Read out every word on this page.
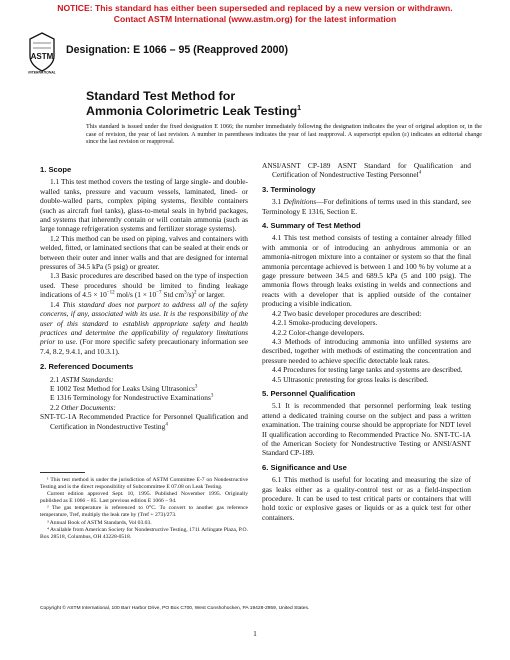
NOTICE: This standard has either been superseded and replaced by a new version or withdrawn.
Contact ASTM International (www.astm.org) for the latest information
ASTM
INTERNATIONAL
Designation: E 1066 – 95 (Reapproved 2000)
Standard Test Method for
Ammonia Colorimetric Leak Testing$^1$
This standard is issued under the fixed designation E 1066; the number immediately following the designation indicates the year of original adoption or, in the case of revision, the year of last revision. A number in parentheses indicates the year of last reapproval. A superscript epsilon (ε) indicates an editorial change since the last revision or reapproval.
1. Scope
1.1 This test method covers the testing of large single- and double-walled tanks, pressure and vacuum vessels, laminated, lined- or double-walled parts, complex piping systems, flexible containers (such as aircraft fuel tanks), glass-to-metal seals in hybrid packages, and systems that inherently contain or will contain ammonia (such as large tonnage refrigeration systems and fertilizer storage systems).
1.2 This method can be used on piping, valves and containers with welded, fitted, or laminated sections that can be sealed at their ends or between their outer and inner walls and that are designed for internal pressures of 34.5 kPa (5 psig) or greater.
1.3 Basic procedures are described based on the type of inspection used. These procedures should be limited to finding leakage indications of $4.5 \times 10^{-12}$ mol/s ($1 \times 10^{-7}$ Std $cm^3/s)^2$ or larger.
1.4 This standard does not purport to address all of the safety concerns, if any, associated with its use. It is the responsibility of the user of this standard to establish appropriate safety and health practices and determine the applicability of regulatory limitations prior to use. (For more specific safety precautionary information see 7.4, 8.2, 9.4.1, and 10.3.1).
2. Referenced Documents
2.1 ASTM Standards:
E 1002 Test Method for Leaks Using Ultrasonics$^3$
E 1316 Terminology for Nondestructive Examinations$^3$
2.2 Other Documents:
SNT-TC-1A Recommended Practice for Personnel Qualification and Certification in Nondestructive Testing$^4$
¹ This test method is under the jurisdiction of ASTM Committee E-7 on Nondestructive Testing and is the direct responsibility of Subcommittee E 07.08 on Leak Testing.
Current edition approved Sept. 10, 1995. Published November 1995. Originally published as E 1066 – 85. Last previous edition E 1066 – 94.
² The gas temperature is referenced to 0°C. To convert to another gas reference temperature, Tref, multiply the leak rate by (Tref + 273)/273.
³ Annual Book of ASTM Standards, Vol 03.03.
⁴ Available from American Society for Nondestructive Testing, 1711 Arlingate Plaza, P.O. Box 28518, Columbus, OH 43228-0518.
ANSI/ASNT CP-189 ASNT Standard for Qualification and Certification of Nondestructive Testing Personnel$^4$
3. Terminology
3.1 Definitions—For definitions of terms used in this standard, see Terminology E 1316, Section E.
4. Summary of Test Method
4.1 This test method consists of testing a container already filled with ammonia or of introducing an anhydrous ammonia or an ammonia-nitrogen mixture into a container or system so that the final ammonia percentage achieved is between 1 and 100 % by volume at a gage pressure between 34.5 and 689.5 kPa (5 and 100 psig). The ammonia flows through leaks existing in welds and connections and reacts with a developer that is applied outside of the container producing a visible indication.
4.2 Two basic developer procedures are described:
4.2.1 Smoke-producing developers.
4.2.2 Color-change developers.
4.3 Methods of introducing ammonia into unfilled systems are described, together with methods of estimating the concentration and pressure needed to achieve specific detectable leak rates.
4.4 Procedures for testing large tanks and systems are described.
4.5 Ultrasonic pretesting for gross leaks is described.
5. Personnel Qualification
5.1 It is recommended that personnel performing leak testing attend a dedicated training course on the subject and pass a written examination. The training course should be appropriate for NDT level II qualification according to Recommended Practice No. SNT-TC-1A of the American Society for Nondestructive Testing or ANSI/ASNT Standard CP-189.
6. Significance and Use
6.1 This method is useful for locating and measuring the size of gas leaks either as a quality-control test or as a field-inspection procedure. It can be used to test critical parts or containers that will hold toxic or explosive gases or liquids or as a quick test for other containers.
Copyright © ASTM International, 100 Barr Harbor Drive, PO Box C700, West Conshohocken, PA 19428-2959, United States.
1
